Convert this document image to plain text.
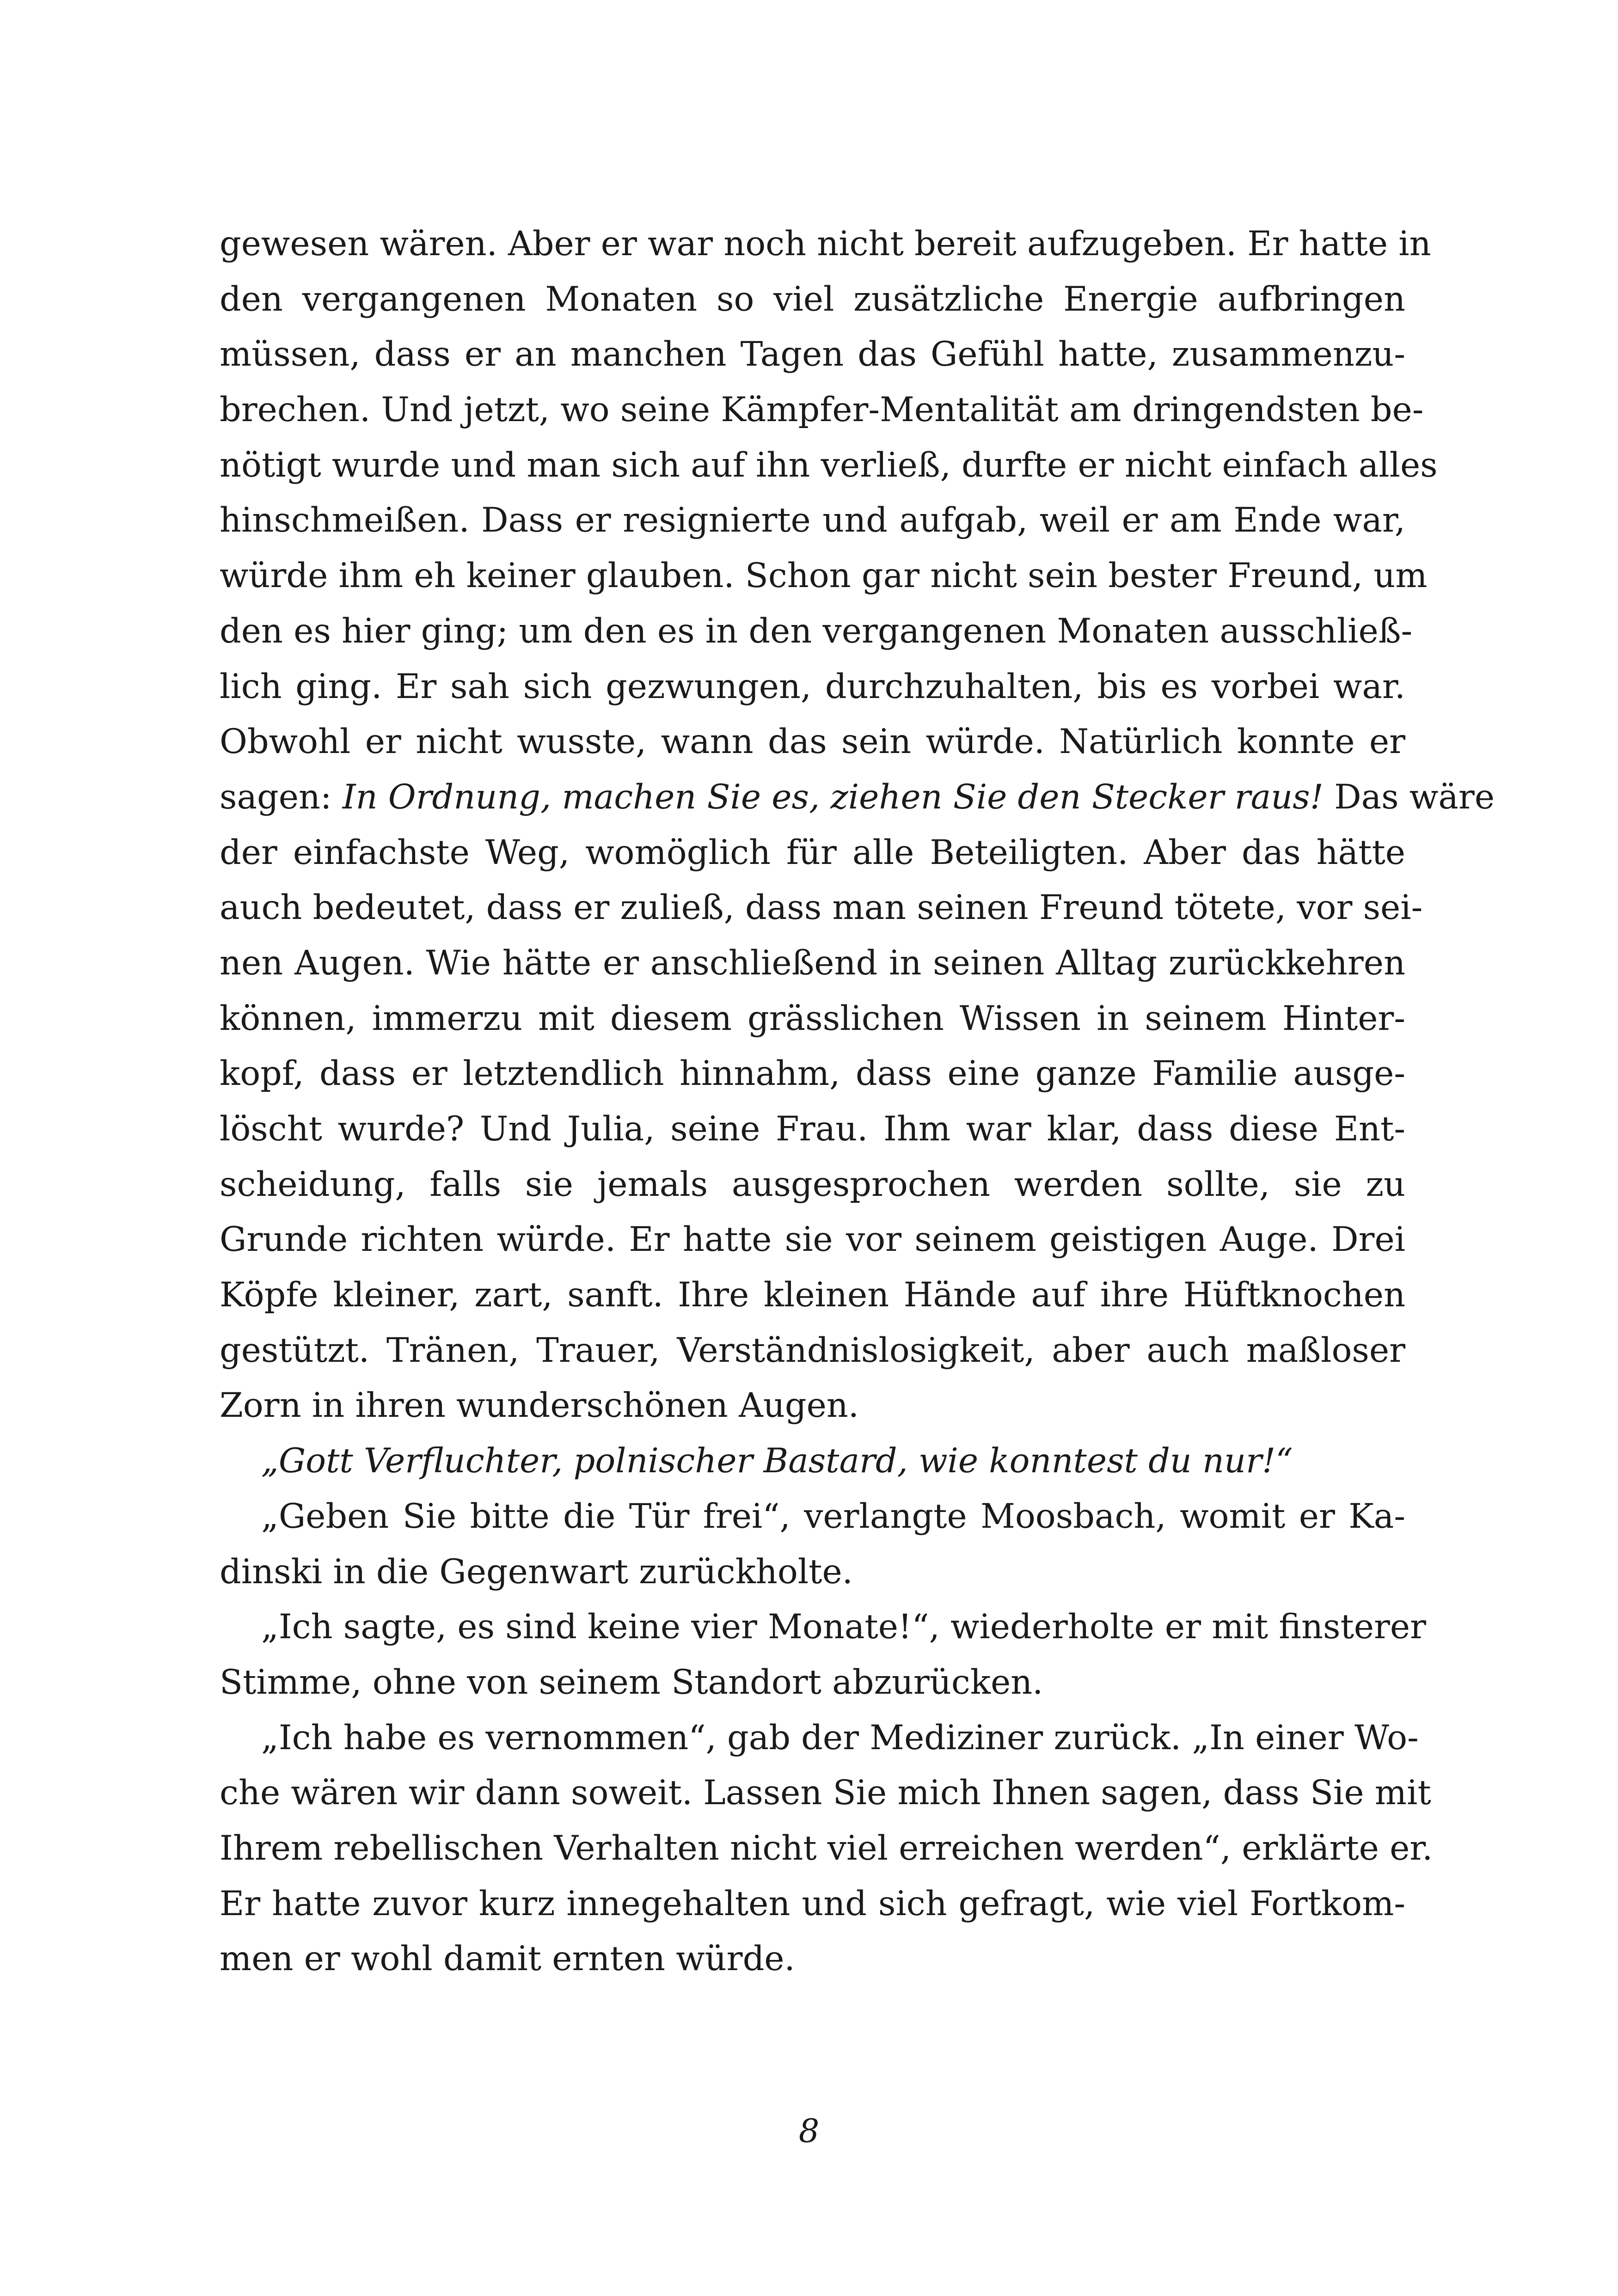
gewesen wären. Aber er war noch nicht bereit aufzugeben. Er hatte in
den vergangenen Monaten so viel zusätzliche Energie aufbringen
müssen, dass er an manchen Tagen das Gefühl hatte, zusammenzu-
brechen. Und jetzt, wo seine Kämpfer-Mentalität am dringendsten be-
nötigt wurde und man sich auf ihn verließ, durfte er nicht einfach alles
hinschmeißen. Dass er resignierte und aufgab, weil er am Ende war,
würde ihm eh keiner glauben. Schon gar nicht sein bester Freund, um
den es hier ging; um den es in den vergangenen Monaten ausschließ-
lich ging. Er sah sich gezwungen, durchzuhalten, bis es vorbei war.
Obwohl er nicht wusste, wann das sein würde. Natürlich konnte er
sagen: In Ordnung, machen Sie es, ziehen Sie den Stecker raus! Das wäre
der einfachste Weg, womöglich für alle Beteiligten. Aber das hätte
auch bedeutet, dass er zuließ, dass man seinen Freund tötete, vor sei-
nen Augen. Wie hätte er anschließend in seinen Alltag zurückkehren
können, immerzu mit diesem grässlichen Wissen in seinem Hinter-
kopf, dass er letztendlich hinnahm, dass eine ganze Familie ausge-
löscht wurde? Und Julia, seine Frau. Ihm war klar, dass diese Ent-
scheidung, falls sie jemals ausgesprochen werden sollte, sie zu
Grunde richten würde. Er hatte sie vor seinem geistigen Auge. Drei
Köpfe kleiner, zart, sanft. Ihre kleinen Hände auf ihre Hüftknochen
gestützt. Tränen, Trauer, Verständnislosigkeit, aber auch maßloser
Zorn in ihren wunderschönen Augen.
„Gott Verfluchter, polnischer Bastard, wie konntest du nur!“
„Geben Sie bitte die Tür frei“, verlangte Moosbach, womit er Ka-
dinski in die Gegenwart zurückholte.
„Ich sagte, es sind keine vier Monate!“, wiederholte er mit finsterer
Stimme, ohne von seinem Standort abzurücken.
„Ich habe es vernommen“, gab der Mediziner zurück. „In einer Wo-
che wären wir dann soweit. Lassen Sie mich Ihnen sagen, dass Sie mit
Ihrem rebellischen Verhalten nicht viel erreichen werden“, erklärte er.
Er hatte zuvor kurz innegehalten und sich gefragt, wie viel Fortkom-
men er wohl damit ernten würde.
8
